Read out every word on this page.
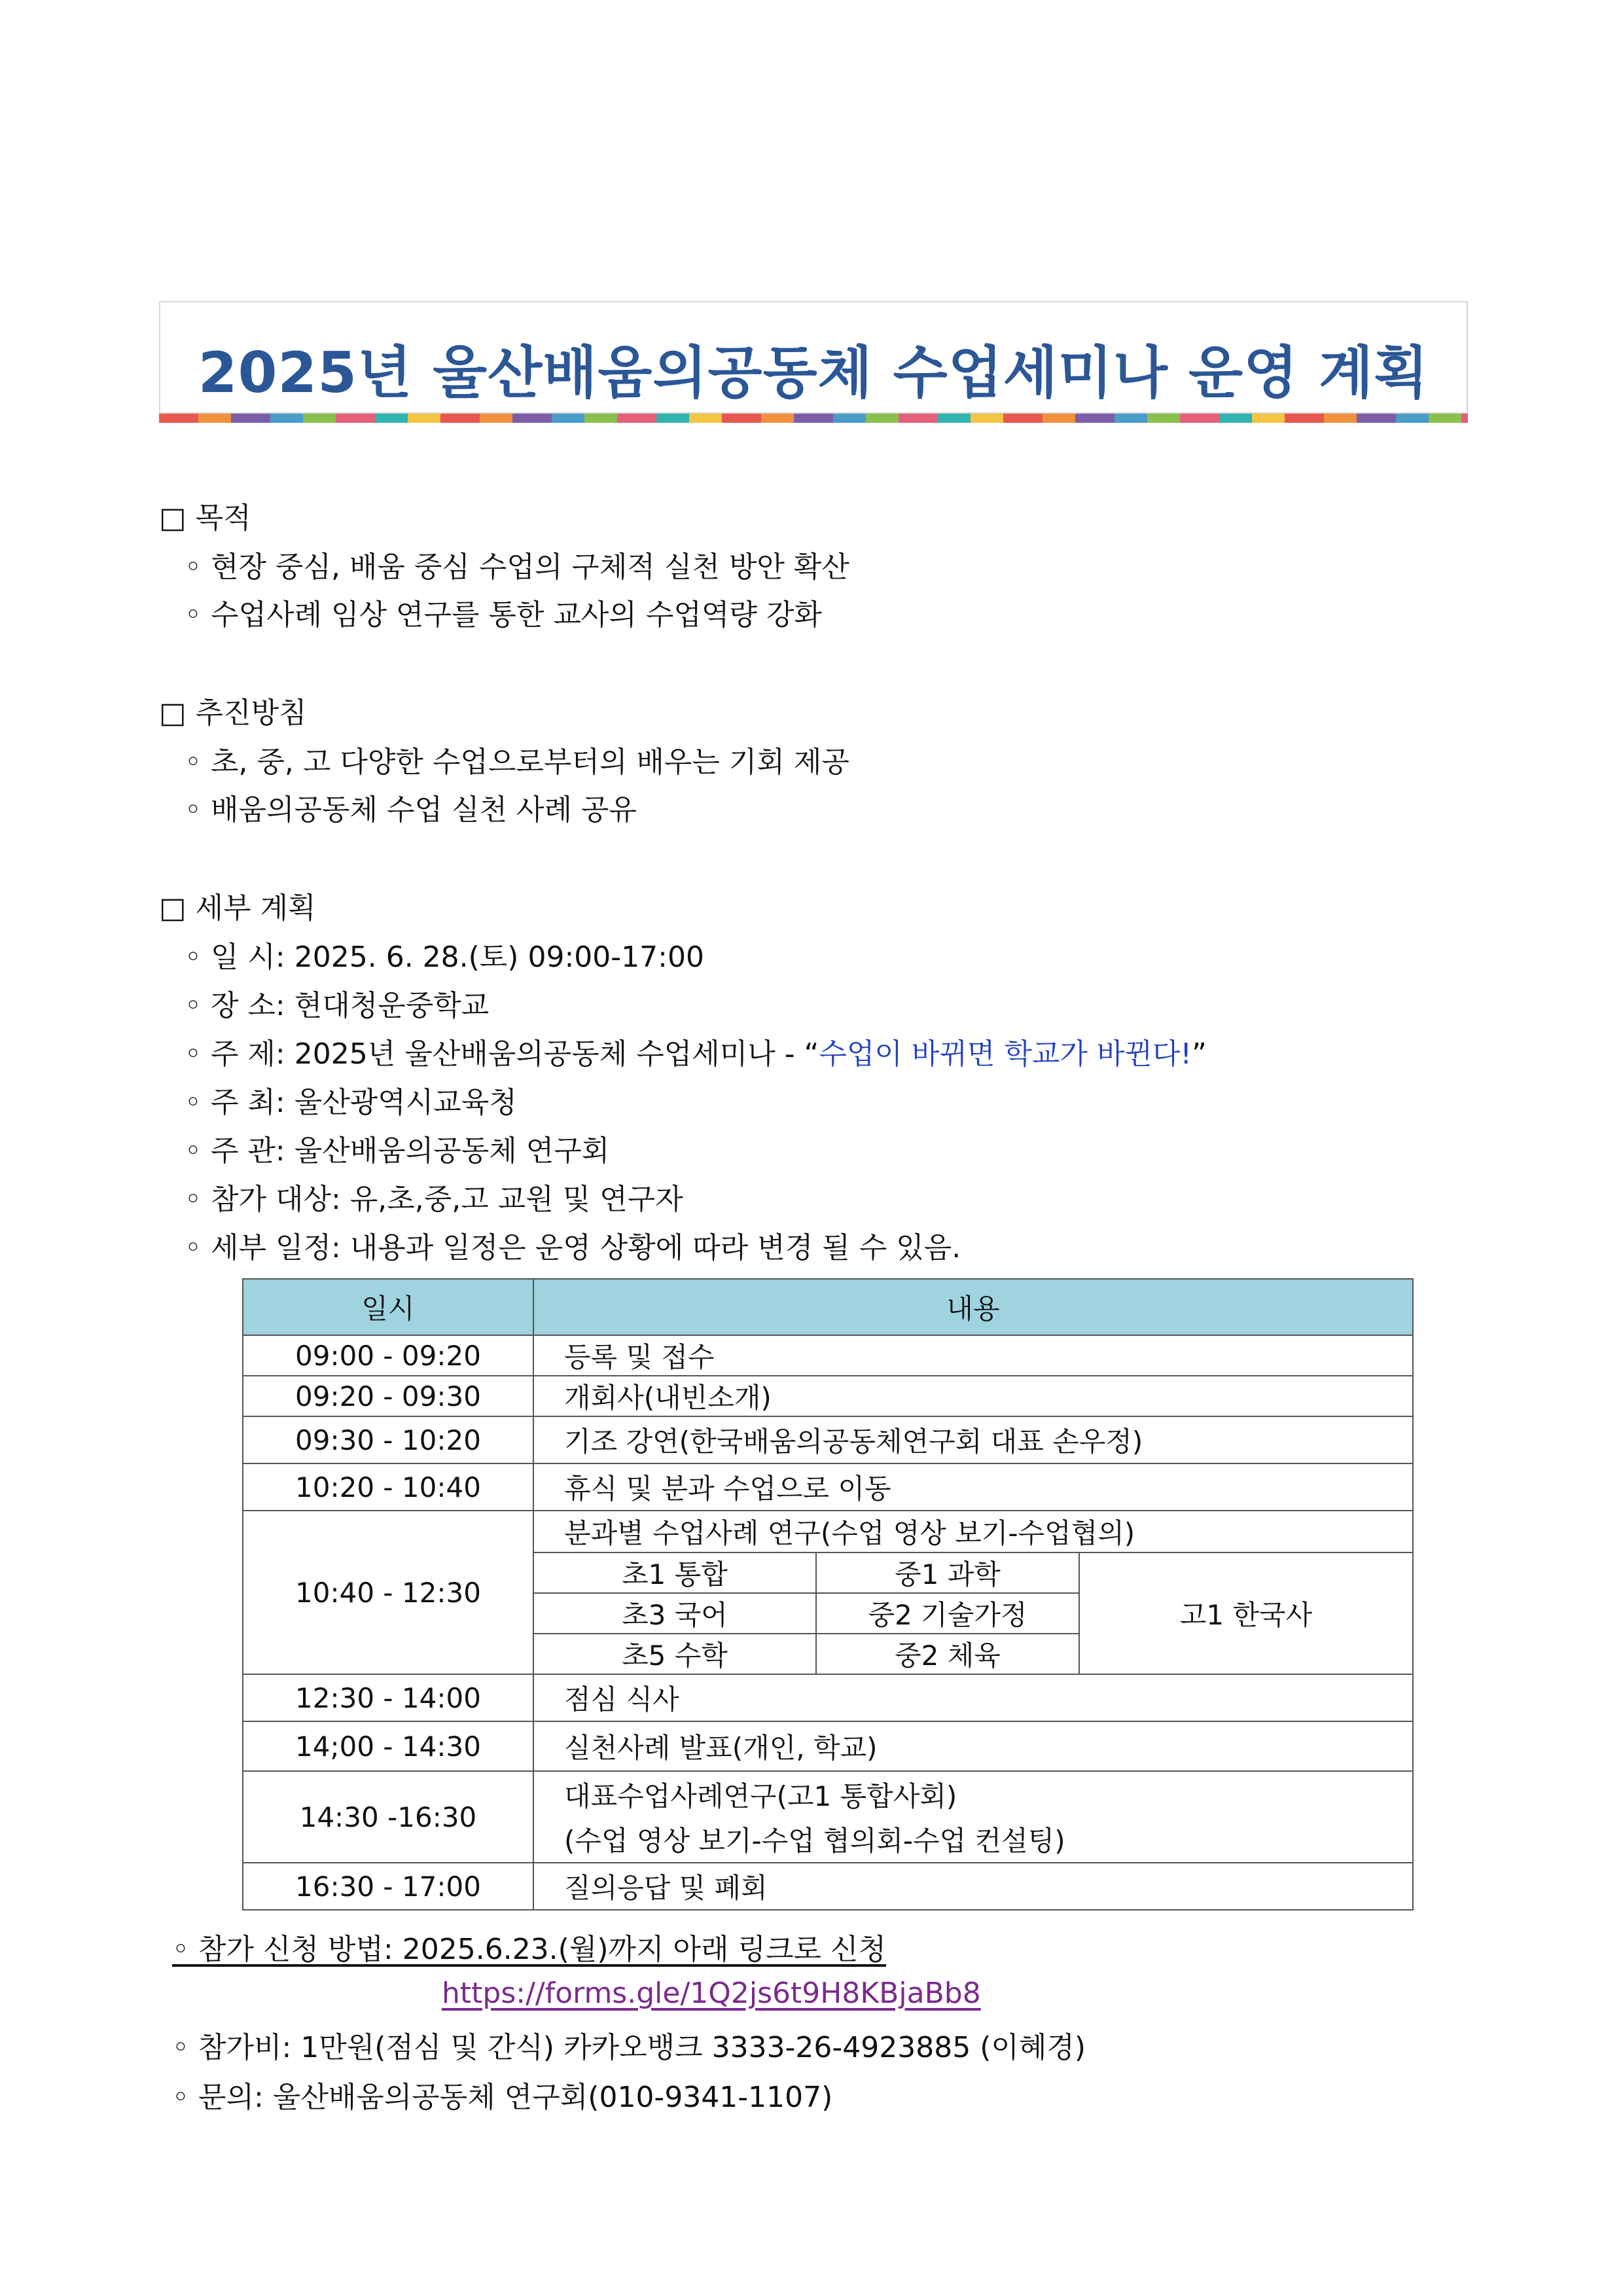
2025년 울산배움의공동체 수업세미나 운영 계획
□ 목적
◦ 현장 중심, 배움 중심 수업의 구체적 실천 방안 확산
◦ 수업사례 임상 연구를 통한 교사의 수업역량 강화
□ 추진방침
◦ 초, 중, 고 다양한 수업으로부터의 배우는 기회 제공
◦ 배움의공동체 수업 실천 사례 공유
□ 세부 계획
◦ 일 시: 2025. 6. 28.(토) 09:00-17:00
◦ 장 소: 현대청운중학교
◦ 주 제: 2025년 울산배움의공동체 수업세미나 - “수업이 바뀌면 학교가 바뀐다!”
◦ 주 최: 울산광역시교육청
◦ 주 관: 울산배움의공동체 연구회
◦ 참가 대상: 유,초,중,고 교원 및 연구자
◦ 세부 일정: 내용과 일정은 운영 상황에 따라 변경 될 수 있음.
일시	내용		
09:00 - 09:20	등록 및 접수		
09:20 - 09:30	개회사(내빈소개)		
09:30 - 10:20	기조 강연(한국배움의공동체연구회 대표 손우정)		
10:20 - 10:40	휴식 및 분과 수업으로 이동		
10:40 - 12:30	분과별 수업사례 연구(수업 영상 보기-수업협의)		
	초1 통합	중1 과학	고1 한국사
	초3 국어	중2 기술가정	
	초5 수학	중2 체육	
12:30 - 14:00	점심 식사		
14;00 - 14:30	실천사례 발표(개인, 학교)		
14:30 -16:30	대표수업사례연구(고1 통합사회)
(수업 영상 보기-수업 협의회-수업 컨설팅)		

16:30 - 17:00	질의응답 및 폐회		
◦ 참가 신청 방법: 2025.6.23.(월)까지 아래 링크로 신청
https://forms.gle/1Q2js6t9H8KBjaBb8
◦ 참가비: 1만원(점심 및 간식) 카카오뱅크 3333-26-4923885 (이혜경)
◦ 문의: 울산배움의공동체 연구회(010-9341-1107)
